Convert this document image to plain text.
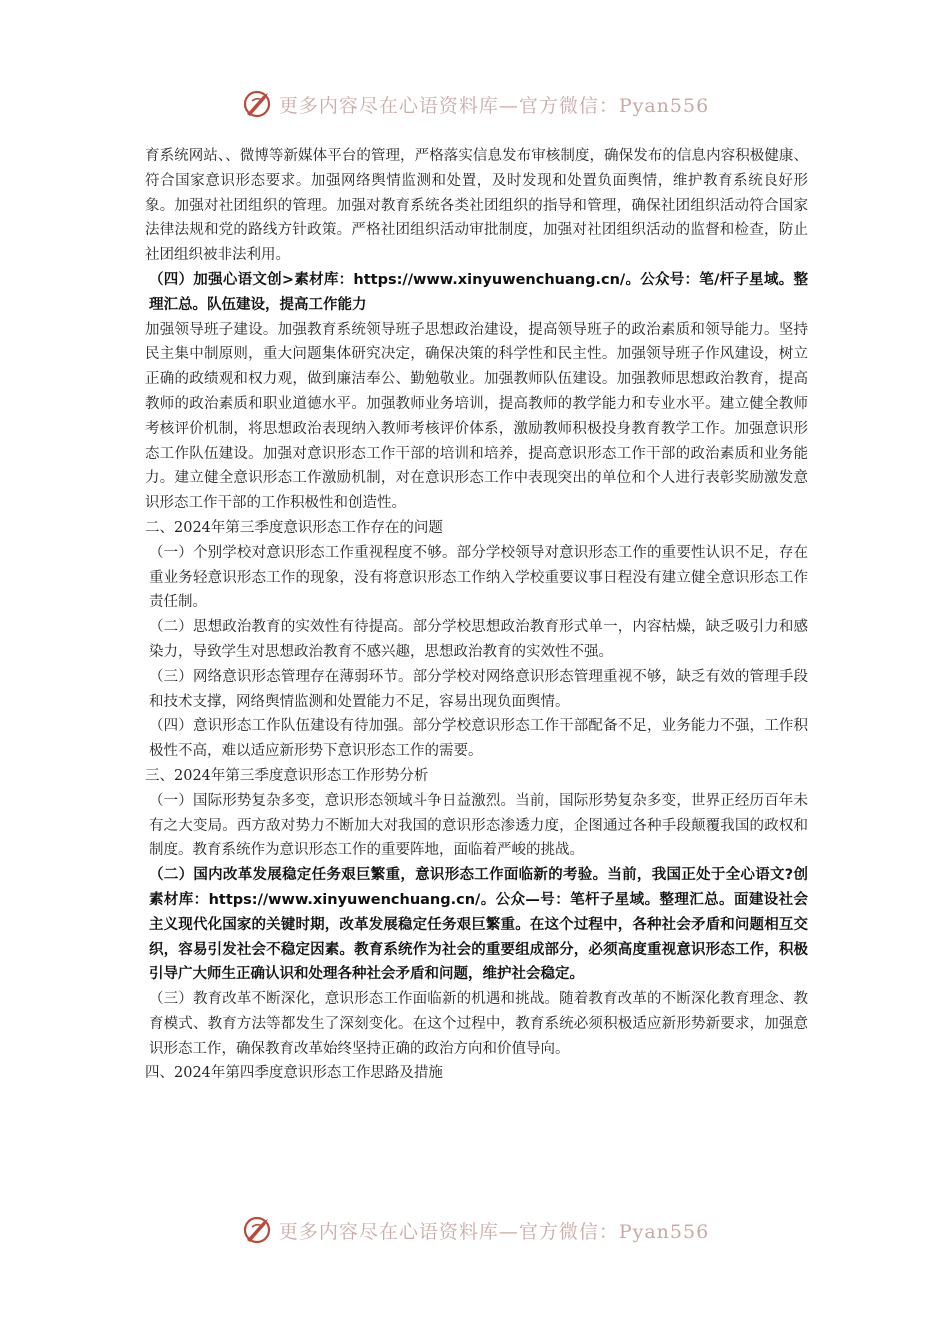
更多内容尽在心语资料库—官方微信：Pyan556

育系统网站、、微博等新媒体平台的管理，严格落实信息发布审核制度，确保发布的信息内容积极健康、符合国家意识形态要求。加强网络舆情监测和处置，及时发现和处置负面舆情，维护教育系统良好形象。加强对社团组织的管理。加强对教育系统各类社团组织的指导和管理，确保社团组织活动符合国家法律法规和党的路线方针政策。严格社团组织活动审批制度，加强对社团组织活动的监督和检查，防止社团组织被非法利用。

（四）加强心语文创>素材库：https://www.xinyuwenchuang.cn/。公众号：笔/杆子星域。整理汇总。队伍建设，提高工作能力

加强领导班子建设。加强教育系统领导班子思想政治建设，提高领导班子的政治素质和领导能力。坚持民主集中制原则，重大问题集体研究决定，确保决策的科学性和民主性。加强领导班子作风建设，树立正确的政绩观和权力观，做到廉洁奉公、勤勉敬业。加强教师队伍建设。加强教师思想政治教育，提高教师的政治素质和职业道德水平。加强教师业务培训，提高教师的教学能力和专业水平。建立健全教师考核评价机制，将思想政治表现纳入教师考核评价体系，激励教师积极投身教育教学工作。加强意识形态工作队伍建设。加强对意识形态工作干部的培训和培养，提高意识形态工作干部的政治素质和业务能力。建立健全意识形态工作激励机制，对在意识形态工作中表现突出的单位和个人进行表彰奖励激发意识形态工作干部的工作积极性和创造性。

二、2024年第三季度意识形态工作存在的问题

（一）个别学校对意识形态工作重视程度不够。部分学校领导对意识形态工作的重要性认识不足，存在重业务轻意识形态工作的现象，没有将意识形态工作纳入学校重要议事日程没有建立健全意识形态工作责任制。

（二）思想政治教育的实效性有待提高。部分学校思想政治教育形式单一，内容枯燥，缺乏吸引力和感染力，导致学生对思想政治教育不感兴趣，思想政治教育的实效性不强。

（三）网络意识形态管理存在薄弱环节。部分学校对网络意识形态管理重视不够，缺乏有效的管理手段和技术支撑，网络舆情监测和处置能力不足，容易出现负面舆情。

（四）意识形态工作队伍建设有待加强。部分学校意识形态工作干部配备不足，业务能力不强，工作积极性不高，难以适应新形势下意识形态工作的需要。

三、2024年第三季度意识形态工作形势分析

（一）国际形势复杂多变，意识形态领域斗争日益激烈。当前，国际形势复杂多变，世界正经历百年未有之大变局。西方敌对势力不断加大对我国的意识形态渗透力度，企图通过各种手段颠覆我国的政权和制度。教育系统作为意识形态工作的重要阵地，面临着严峻的挑战。

（二）国内改革发展稳定任务艰巨繁重，意识形态工作面临新的考验。当前，我国正处于全心语文?创素材库：https://www.xinyuwenchuang.cn/。公众—号：笔杆子星域。整理汇总。面建设社会主义现代化国家的关键时期，改革发展稳定任务艰巨繁重。在这个过程中，各种社会矛盾和问题相互交织，容易引发社会不稳定因素。教育系统作为社会的重要组成部分，必须高度重视意识形态工作，积极引导广大师生正确认识和处理各种社会矛盾和问题，维护社会稳定。

（三）教育改革不断深化，意识形态工作面临新的机遇和挑战。随着教育改革的不断深化教育理念、教育模式、教育方法等都发生了深刻变化。在这个过程中，教育系统必须积极适应新形势新要求，加强意识形态工作，确保教育改革始终坚持正确的政治方向和价值导向。

四、2024年第四季度意识形态工作思路及措施

更多内容尽在心语资料库—官方微信：Pyan556
